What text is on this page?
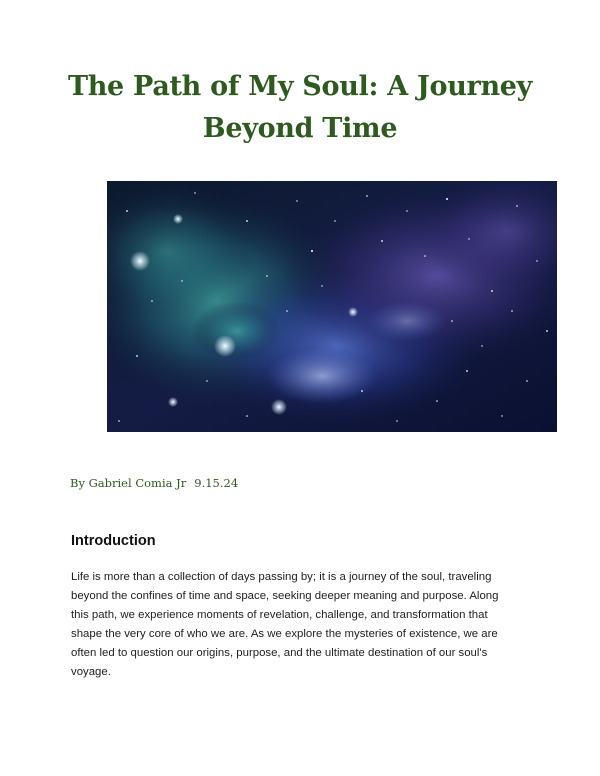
The Path of My Soul: A Journey
Beyond Time
By Gabriel Comia Jr 9.15.24
Introduction

Life is more than a collection of days passing by; it is a journey of the soul, traveling
beyond the confines of time and space, seeking deeper meaning and purpose. Along
this path, we experience moments of revelation, challenge, and transformation that
shape the very core of who we are. As we explore the mysteries of existence, we are
often led to question our origins, purpose, and the ultimate destination of our soul's
voyage.
